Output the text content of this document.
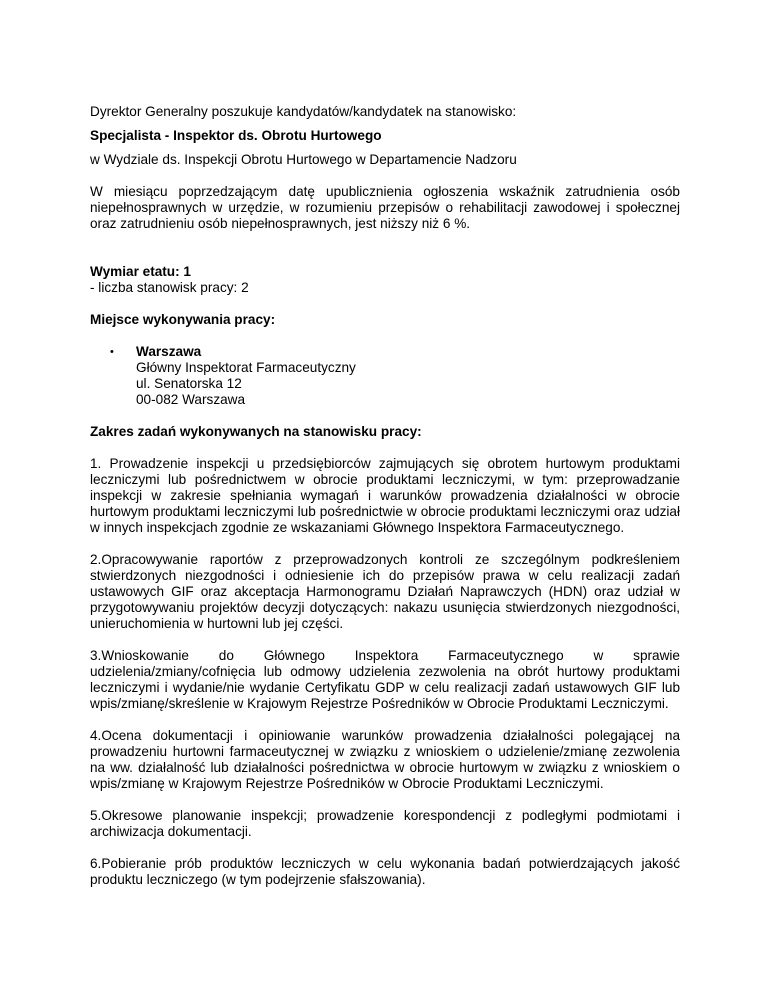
Dyrektor Generalny poszukuje kandydatów/kandydatek na stanowisko:

Specjalista - Inspektor ds. Obrotu Hurtowego

w Wydziale ds. Inspekcji Obrotu Hurtowego w Departamencie Nadzoru

W miesiącu poprzedzającym datę upublicznienia ogłoszenia wskaźnik zatrudnienia osób niepełnosprawnych w urzędzie, w rozumieniu przepisów o rehabilitacji zawodowej i społecznej oraz zatrudnieniu osób niepełnosprawnych, jest niższy niż 6 %.

Wymiar etatu: 1

- liczba stanowisk pracy: 2

Miejsce wykonywania pracy:

• Warszawa
Główny Inspektorat Farmaceutyczny
ul. Senatorska 12
00-082 Warszawa

Zakres zadań wykonywanych na stanowisku pracy:

1. Prowadzenie inspekcji u przedsiębiorców zajmujących się obrotem hurtowym produktami leczniczymi lub pośrednictwem w obrocie produktami leczniczymi, w tym: przeprowadzanie inspekcji w zakresie spełniania wymagań i warunków prowadzenia działalności w obrocie hurtowym produktami leczniczymi lub pośrednictwie w obrocie produktami leczniczymi oraz udział w innych inspekcjach zgodnie ze wskazaniami Głównego Inspektora Farmaceutycznego.

2.Opracowywanie raportów z przeprowadzonych kontroli ze szczególnym podkreśleniem stwierdzonych niezgodności i odniesienie ich do przepisów prawa w celu realizacji zadań ustawowych GIF oraz akceptacja Harmonogramu Działań Naprawczych (HDN) oraz udział w przygotowywaniu projektów decyzji dotyczących: nakazu usunięcia stwierdzonych niezgodności, unieruchomienia w hurtowni lub jej części.

3.Wnioskowanie do Głównego Inspektora Farmaceutycznego w sprawie udzielenia/zmiany/cofnięcia lub odmowy udzielenia zezwolenia na obrót hurtowy produktami leczniczymi i wydanie/nie wydanie Certyfikatu GDP w celu realizacji zadań ustawowych GIF lub wpis/zmianę/skreślenie w Krajowym Rejestrze Pośredników w Obrocie Produktami Leczniczymi.

4.Ocena dokumentacji i opiniowanie warunków prowadzenia działalności polegającej na prowadzeniu hurtowni farmaceutycznej w związku z wnioskiem o udzielenie/zmianę zezwolenia na ww. działalność lub działalności pośrednictwa w obrocie hurtowym w związku z wnioskiem o wpis/zmianę w Krajowym Rejestrze Pośredników w Obrocie Produktami Leczniczymi.

5.Okresowe planowanie inspekcji; prowadzenie korespondencji z podległymi podmiotami i archiwizacja dokumentacji.

6.Pobieranie prób produktów leczniczych w celu wykonania badań potwierdzających jakość produktu leczniczego (w tym podejrzenie sfałszowania).
